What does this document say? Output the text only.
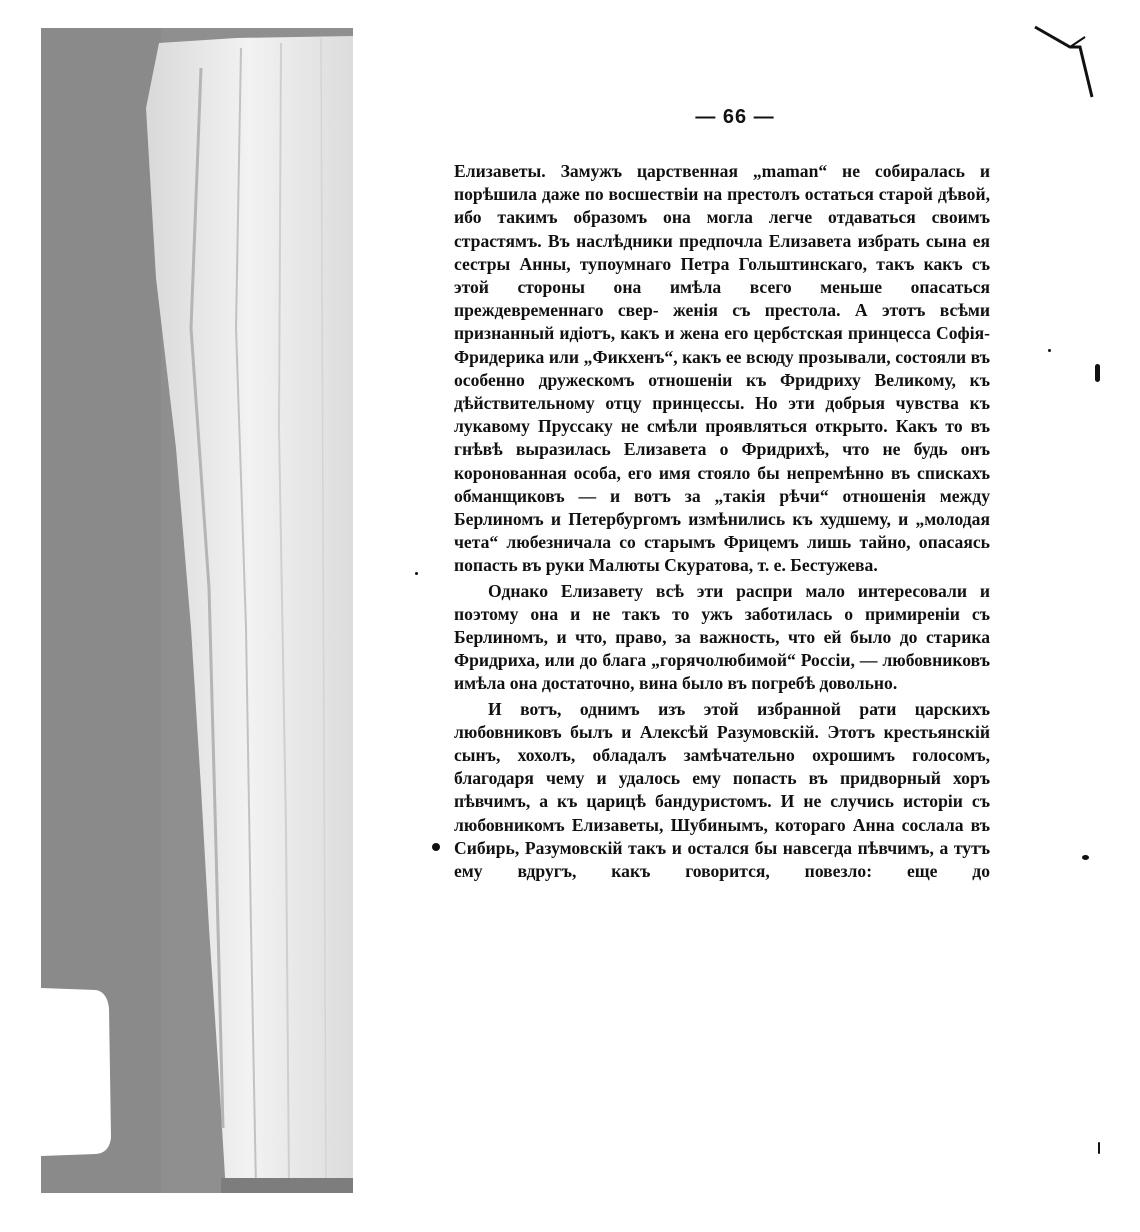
— 66 —

Елизаветы. Замужъ царственная „maman“ не собиралась и порѣшила даже по восшествiи на престолъ остаться старой дѣвой, ибо такимъ образомъ она могла легче отдаваться своимъ страстямъ. Въ наслѣдники предпочла Елизавета избрать сына ея сестры Анны, тупоумнаго Петра Гольштинскаго, такъ какъ съ этой стороны она имѣла всего меньше опасаться преждевременнаго свер- женiя съ престола. А этотъ всѣми признанный идiотъ, какъ и жена его цербстская принцесса Софiя-Фридерика или „Фикхенъ“, какъ ее всюду прозывали, состояли въ особенно дружескомъ отношенiи къ Фридриху Великому, къ дѣйствительному отцу принцессы. Но эти добрыя чувства къ лукавому Пруссаку не смѣли проявляться открыто. Какъ то въ гнѣвѣ выразилась Елизавета о Фридрихѣ, что не будь онъ коронованная особа, его имя стояло бы непремѣнно въ спискахъ обманщиковъ — и вотъ за „такiя рѣчи“ отношенiя между Берлиномъ и Петербургомъ измѣнились къ худшему, и „молодая чета“ любезничала со старымъ Фрицемъ лишь тайно, опасаясь попасть въ руки Малюты Скуратова, т. е. Бестужева.

Однако Елизавету всѣ эти распри мало интересовали и поэтому она и не такъ то ужъ заботилась о примиренiи съ Берлиномъ, и что, право, за важность, что ей было до старика Фридриха, или до блага „горячолюбимой“ Россiи, — любовниковъ имѣла она достаточно, вина было въ погребѣ довольно.

И вотъ, однимъ изъ этой избранной рати царскихъ любовниковъ былъ и Алексѣй Разумовскiй. Этотъ крестьянскiй сынъ, хохолъ, обладалъ замѣчательно охрошимъ голосомъ, благодаря чему и удалось ему попасть въ придворный хоръ пѣвчимъ, а къ царицѣ бандуристомъ. И не случись исторiи съ любовникомъ Елизаветы, Шубинымъ, котораго Анна сослала въ Сибирь, Разумовскiй такъ и остался бы навсегда пѣвчимъ, а тутъ ему вдругъ, какъ говорится, повезло: еще до
